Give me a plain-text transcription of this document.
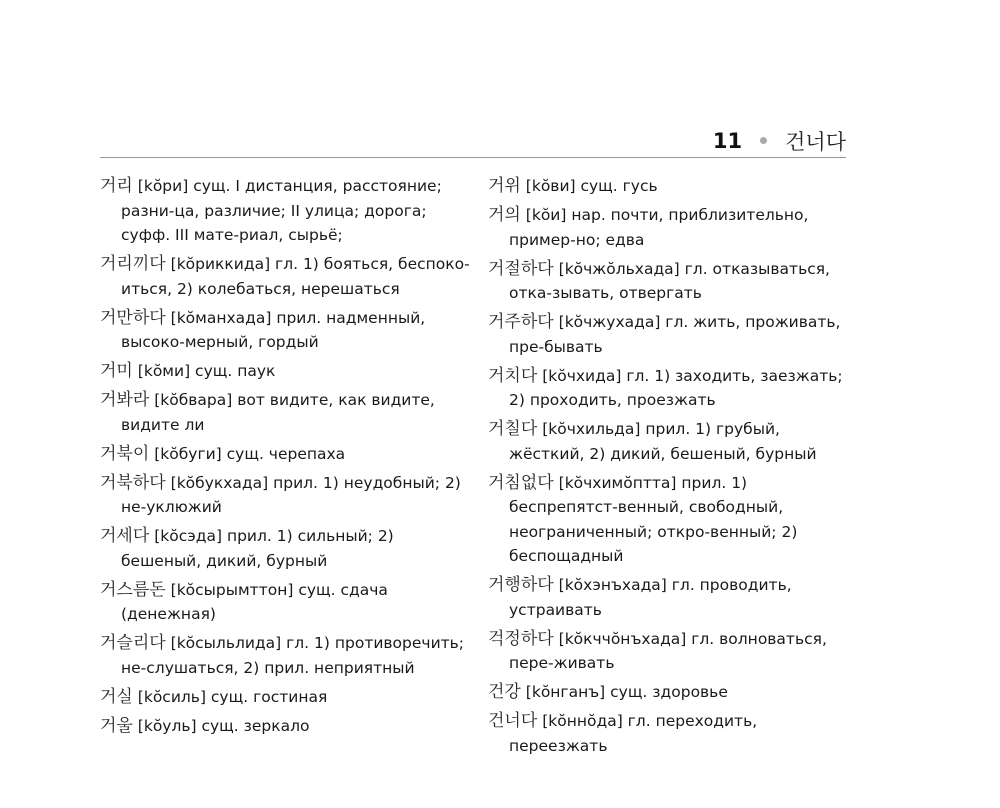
11 건너다
거리 [kŏри] сущ. I дистанция, расстояние; разни-ца, различие; II улица; дорога; суфф. III мате-риал, сырьё;
거리끼다 [kŏриккида] гл. 1) бояться, беспоко-иться, 2) колебаться, нерешаться
거만하다 [kŏманхада] прил. надменный, высоко-мерный, гордый
거미 [kŏми] сущ. паук
거봐라 [kŏбвара] вот видите, как видите, видите ли
거북이 [kŏбуги] сущ. черепаха
거북하다 [kŏбукхада] прил. 1) неудобный; 2) не-уклюжий
거세다 [kŏсэда] прил. 1) сильный; 2) бешеный, дикий, бурный
거스름돈 [kŏсырымттон] сущ. сдача (денежная)
거슬리다 [kŏсыльлида] гл. 1) противоречить; не-слушаться, 2) прил. неприятный
거실 [kŏсиль] сущ. гостиная
거울 [kŏуль] сущ. зеркало
거위 [kŏви] сущ. гусь
거의 [kŏи] нар. почти, приблизительно, пример-но; едва
거절하다 [kŏчжŏльхада] гл. отказываться, отка-зывать, отвергать
거주하다 [kŏчжухада] гл. жить, проживать, пре-бывать
거치다 [kŏчхида] гл. 1) заходить, заезжать; 2) проходить, проезжать
거칠다 [kŏчхильда] прил. 1) грубый, жёсткий, 2) дикий, бешеный, бурный
거침없다 [kŏчхимŏптта] прил. 1) беспрепятст-венный, свободный, неограниченный; откро-венный; 2) беспощадный
거행하다 [kŏхэнъхада] гл. проводить, устраивать
걱정하다 [kŏкччŏнъхада] гл. волноваться, пере-живать
건강 [kŏнганъ] сущ. здоровье
건너다 [kŏннŏда] гл. переходить, переезжать
